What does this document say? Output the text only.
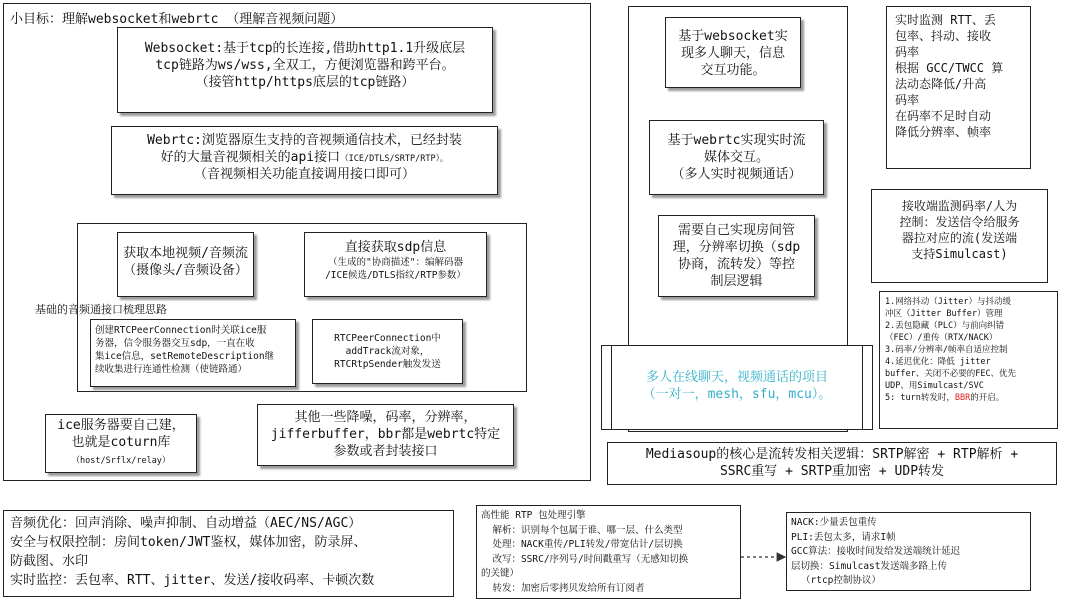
小目标：理解websocket和webrtc （理解音视频问题）
Websocket:基于tcp的长连接,借助http1.1升级底层
tcp链路为ws/wss,全双工，方便浏览器和跨平台。
（接管http/https底层的tcp链路）
Webrtc:浏览器原生支持的音视频通信技术，已经封装
好的大量音视频相关的api接口（ICE/DTLS/SRTP/RTP）。
（音视频相关功能直接调用接口即可）
基础的音频通接口梳理思路
获取本地视频/音频流
（摄像头/音频设备）
直接获取sdp信息
（生成的"协商描述"：编解码器
/ICE候选/DTLS指纹/RTP参数）
创建RTCPeerConnection时关联ice服
务器，信令服务器交互sdp，一直在收
集ice信息，setRemoteDescription继
续收集进行连通性检测（使链路通）
RTCPeerConnection中
addTrack流对象，
RTCRtpSender触发发送
ice服务器要自己建，
也就是coturn库
（host/Srflx/relay）
其他一些降噪，码率，分辨率，
jifferbuffer，bbr都是webrtc特定
参数或者封装接口
基于websocket实
现多人聊天，信息
交互功能。
基于webrtc实现实时流
媒体交互。
（多人实时视频通话）
需要自己实现房间管
理，分辨率切换（sdp
协商，流转发）等控
制层逻辑
多人在线聊天，视频通话的项目
（一对一，mesh，sfu，mcu）。
实时监测 RTT、丢
包率、抖动、接收
码率
根据 GCC/TWCC 算
法动态降低/升高
码率
在码率不足时自动
降低分辨率、帧率
接收端监测码率/人为
控制：发送信令给服务
器拉对应的流(发送端
支持Simulcast)
1.网络抖动（Jitter）与抖动缓
冲区（Jitter Buffer）管理
2.丢包隐藏（PLC）与前向纠错
（FEC）/重传（RTX/NACK）
3.码率/分辨率/帧率自适应控制
4.延迟优化：降低 jitter
buffer、关闭不必要的FEC、优先
UDP、用Simulcast/SVC
5: turn转发时，BBR的开启。
Mediasoup的核心是流转发相关逻辑：SRTP解密 + RTP解析 +
SSRC重写 + SRTP重加密 + UDP转发
音频优化：回声消除、噪声抑制、自动增益（AEC/NS/AGC）
安全与权限控制：房间token/JWT鉴权，媒体加密，防录屏、
防截图、水印
实时监控：丢包率、RTT、jitter、发送/接收码率、卡顿次数
高性能 RTP 包处理引擎
解析：识别每个包属于谁、哪一层、什么类型
处理：NACK重传/PLI转发/带宽估计/层切换
改写：SSRC/序列号/时间戳重写（无感知切换
的关键）
转发：加密后零拷贝发给所有订阅者
NACK:少量丢包重传
PLI:丢包太多，请求I帧
GCC算法：接收时间发给发送端统计延迟
层切换：Simulcast发送端多路上传
（rtcp控制协议）
